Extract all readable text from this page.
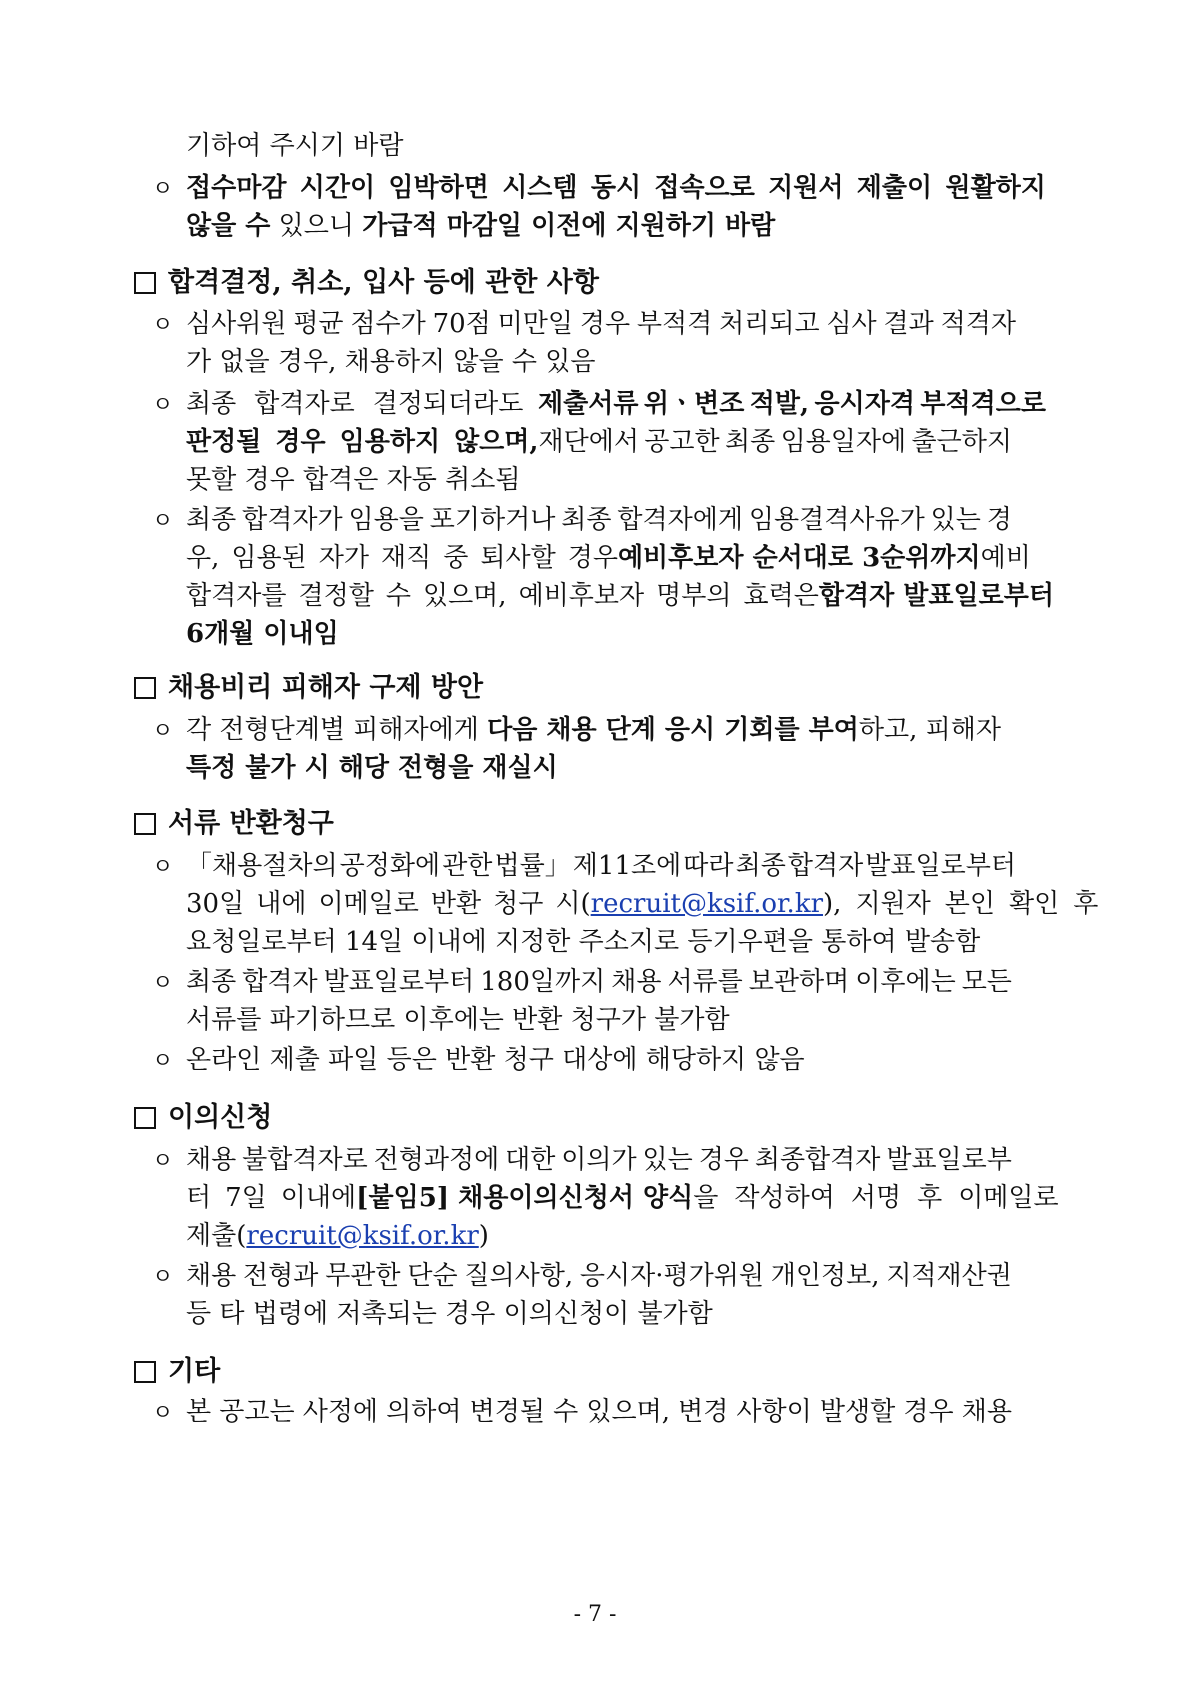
기하여 주시기 바람
ㅇ 접수마감 시간이 임박하면 시스템 동시 접속으로 지원서 제출이 원활하지
않을 수 있으니 가급적 마감일 이전에 지원하기 바람
합격결정, 취소, 입사 등에 관한 사항
ㅇ 심사위원 평균 점수가 70점 미만일 경우 부적격 처리되고 심사 결과 적격자
가 없을 경우, 채용하지 않을 수 있음
ㅇ 최종 합격자로 결정되더라도 제출서류 위ㆍ변조 적발, 응시자격 부적격으로
판정될 경우 임용하지 않으며, 재단에서 공고한 최종 임용일자에 출근하지
못할 경우 합격은 자동 취소됨
ㅇ 최종 합격자가 임용을 포기하거나 최종 합격자에게 임용결격사유가 있는 경
우, 임용된 자가 재직 중 퇴사할 경우 예비후보자 순서대로 3순위까지 예비
합격자를 결정할 수 있으며, 예비후보자 명부의 효력은 합격자 발표일로부터
6개월 이내임
채용비리 피해자 구제 방안
ㅇ 각 전형단계별 피해자에게 다음 채용 단계 응시 기회를 부여하고, 피해자
특정 불가 시 해당 전형을 재실시
서류 반환청구
ㅇ 「채용절차의 공정화에 관한 법률」 제11조에 따라 최종 합격자 발표일로부터
30일 내에 이메일로 반환 청구 시( recruit@ksif.or.kr ), 지원자 본인 확인 후
요청일로부터 14일 이내에 지정한 주소지로 등기우편을 통하여 발송함
ㅇ 최종 합격자 발표일로부터 180일까지 채용 서류를 보관하며 이후에는 모든
서류를 파기하므로 이후에는 반환 청구가 불가함
ㅇ 온라인 제출 파일 등은 반환 청구 대상에 해당하지 않음
이의신청
ㅇ 채용 불합격자로 전형과정에 대한 이의가 있는 경우 최종합격자 발표일로부
터 7일 이내에 [붙임5] 채용이의신청서 양식 을 작성하여 서명 후 이메일로
제출(recruit@ksif.or.kr)
ㅇ 채용 전형과 무관한 단순 질의사항, 응시자·평가위원 개인정보, 지적재산권
등 타 법령에 저촉되는 경우 이의신청이 불가함
기타
ㅇ 본 공고는 사정에 의하여 변경될 수 있으며, 변경 사항이 발생할 경우 채용
- 7 -
